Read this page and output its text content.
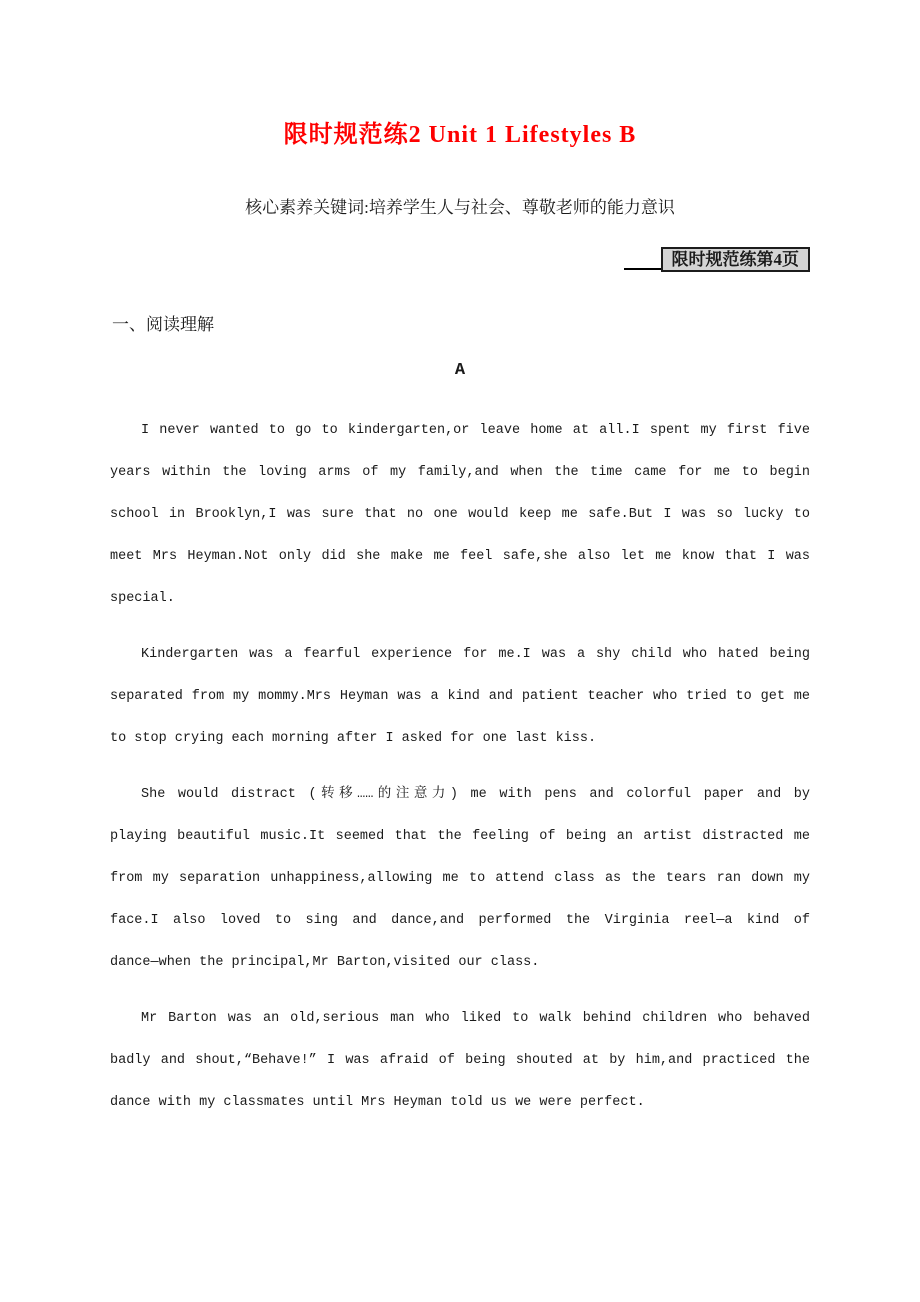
限时规范练2 Unit 1 Lifestyles B
核心素养关键词:培养学生人与社会、尊敬老师的能力意识
限时规范练第4页
一、阅读理解
A
I never wanted to go to kindergarten,or leave home at all.I spent my first five
years within the loving arms of my family,and when the time came for me to begin
school in Brooklyn,I was sure that no one would keep me safe.But I was so lucky to
meet Mrs Heyman.Not only did she make me feel safe,she also let me know that I was
special.
Kindergarten was a fearful experience for me.I was a shy child who hated being
separated from my mommy.Mrs Heyman was a kind and patient teacher who tried to get me
to stop crying each morning after I asked for one last kiss.
She would distract (转移……的注意力) me with pens and colorful paper and by
playing beautiful music.It seemed that the feeling of being an artist distracted me
from my separation unhappiness,allowing me to attend class as the tears ran down my
face.I also loved to sing and dance,and performed the Virginia reel—a kind of
dance—when the principal,Mr Barton,visited our class.
Mr Barton was an old,serious man who liked to walk behind children who behaved
badly and shout,“Behave!” I was afraid of being shouted at by him,and practiced the
dance with my classmates until Mrs Heyman told us we were perfect.
